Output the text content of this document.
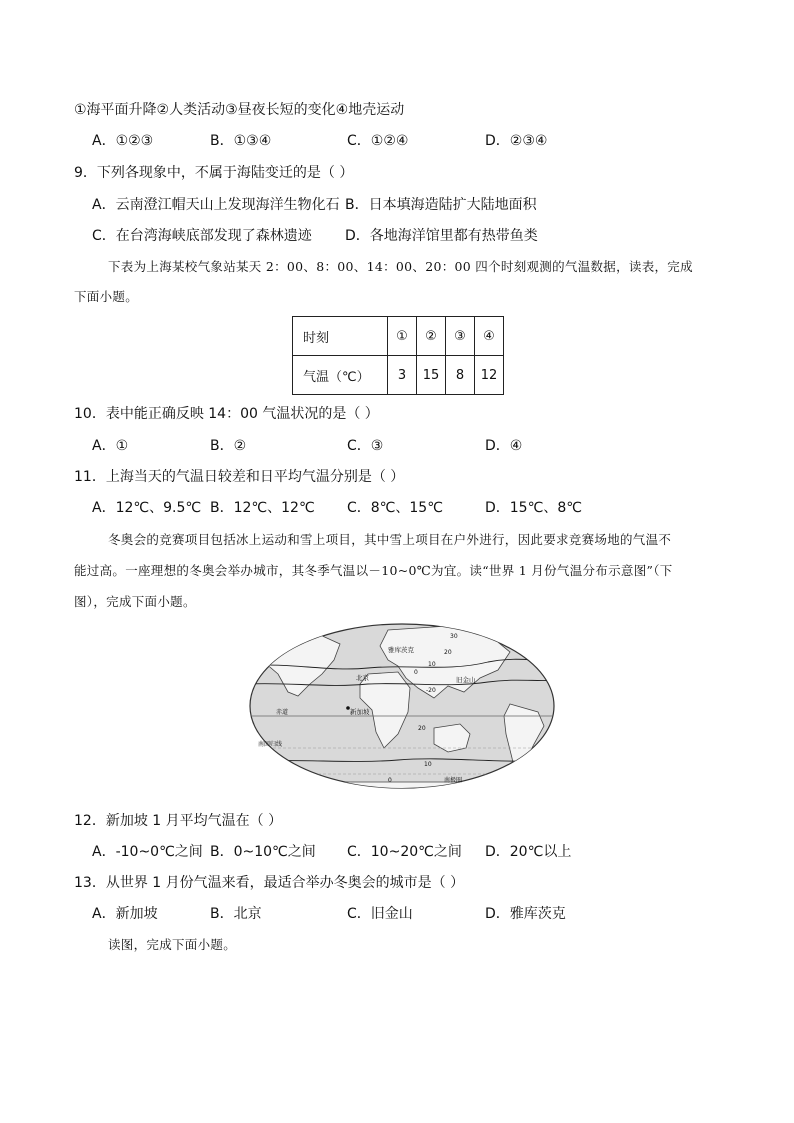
①海平面升降②人类活动③昼夜长短的变化④地壳运动
A．①②③	B．①③④	C．①②④	D．②③④
9．下列各现象中，不属于海陆变迁的是（ ）
A．云南澄江帽天山上发现海洋生物化石 B．日本填海造陆扩大陆地面积
C．在台湾海峡底部发现了森林遗迹 D．各地海洋馆里都有热带鱼类
下表为上海某校气象站某天 2：00、8：00、14：00、20：00 四个时刻观测的气温数据，读表，完成
下面小题。
时刻	①	②	③	④
气温（℃）	3	15	8	12
10．表中能正确反映 14：00 气温状况的是（ ）
A．①	B．②	C．③	D．④
11．上海当天的气温日较差和日平均气温分别是（ ）
A．12℃、9.5℃ B．12℃、12℃ C．8℃、15℃	D．15℃、8℃
冬奥会的竞赛项目包括冰上运动和雪上项目，其中雪上项目在户外进行，因此要求竞赛场地的气温不
能过高。一座理想的冬奥会举办城市，其冬季气温以－10~0℃为宜。读“世界 1 月份气温分布示意图”（下
图），完成下面小题。
30
20
10
0
-20
20
10
0
雅库茨克
北京	旧金山
新加坡
赤道
南回归线
南极圈
12．新加坡 1 月平均气温在（ ）
A．-10~0℃之间 B．0~10℃之间 C．10~20℃之间 D．20℃以上
13．从世界 1 月份气温来看，最适合举办冬奥会的城市是（ ）
A．新加坡	B．北京	C．旧金山	D．雅库茨克
读图，完成下面小题。
